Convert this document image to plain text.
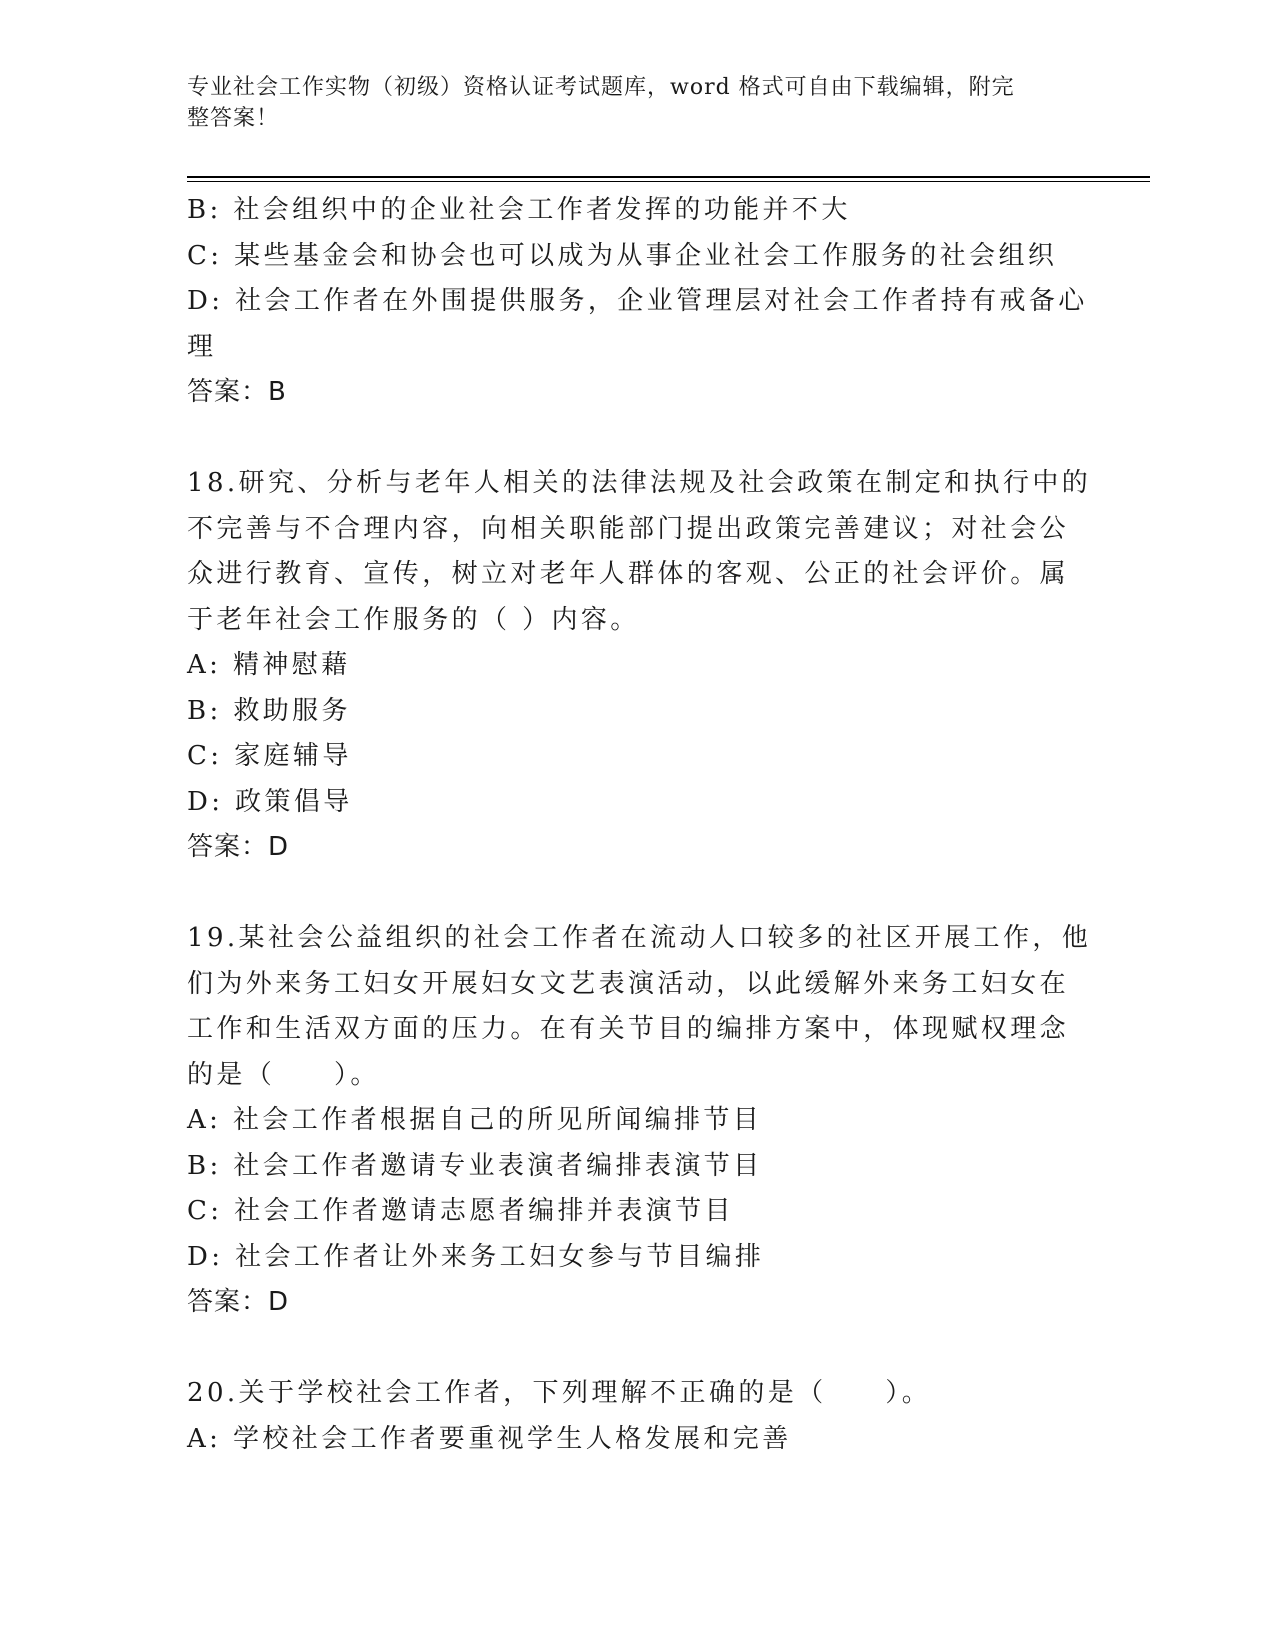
专业社会工作实物（初级）资格认证考试题库，word 格式可自由下载编辑，附完
整答案！

B: 社会组织中的企业社会工作者发挥的功能并不大

C: 某些基金会和协会也可以成为从事企业社会工作服务的社会组织

D: 社会工作者在外围提供服务，企业管理层对社会工作者持有戒备心

理

答案：B

18.研究、分析与老年人相关的法律法规及社会政策在制定和执行中的

不完善与不合理内容，向相关职能部门提出政策完善建议；对社会公

众进行教育、宣传，树立对老年人群体的客观、公正的社会评价。属

于老年社会工作服务的（ ）内容。

A: 精神慰藉

B: 救助服务

C: 家庭辅导

D: 政策倡导

答案：D

19.某社会公益组织的社会工作者在流动人口较多的社区开展工作，他

们为外来务工妇女开展妇女文艺表演活动，以此缓解外来务工妇女在

工作和生活双方面的压力。在有关节目的编排方案中，体现赋权理念

的是（　　）。

A: 社会工作者根据自己的所见所闻编排节目

B: 社会工作者邀请专业表演者编排表演节目

C: 社会工作者邀请志愿者编排并表演节目

D: 社会工作者让外来务工妇女参与节目编排

答案：D

20.关于学校社会工作者，下列理解不正确的是（　　）。

A: 学校社会工作者要重视学生人格发展和完善
